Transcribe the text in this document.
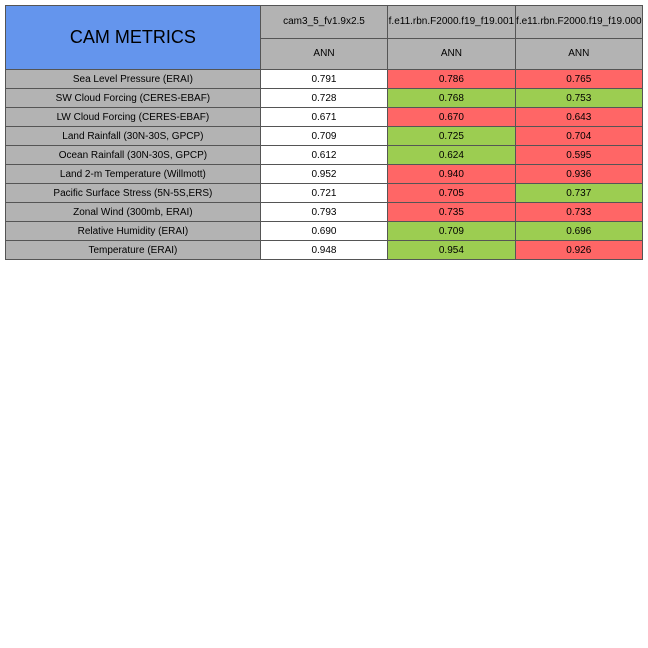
CAM METRICS	cam3_5_fv1.9x2.5	f.e11.rbn.F2000.f19_f19.001	f.e11.rbn.F2000.f19_f19.000
	ANN	ANN	ANN
Sea Level Pressure (ERAI)	0.791	0.786	0.765
SW Cloud Forcing (CERES-EBAF)	0.728	0.768	0.753
LW Cloud Forcing (CERES-EBAF)	0.671	0.670	0.643
Land Rainfall (30N-30S, GPCP)	0.709	0.725	0.704
Ocean Rainfall (30N-30S, GPCP)	0.612	0.624	0.595
Land 2-m Temperature (Willmott)	0.952	0.940	0.936
Pacific Surface Stress (5N-5S,ERS)	0.721	0.705	0.737
Zonal Wind (300mb, ERAI)	0.793	0.735	0.733
Relative Humidity (ERAI)	0.690	0.709	0.696
Temperature (ERAI)	0.948	0.954	0.926
